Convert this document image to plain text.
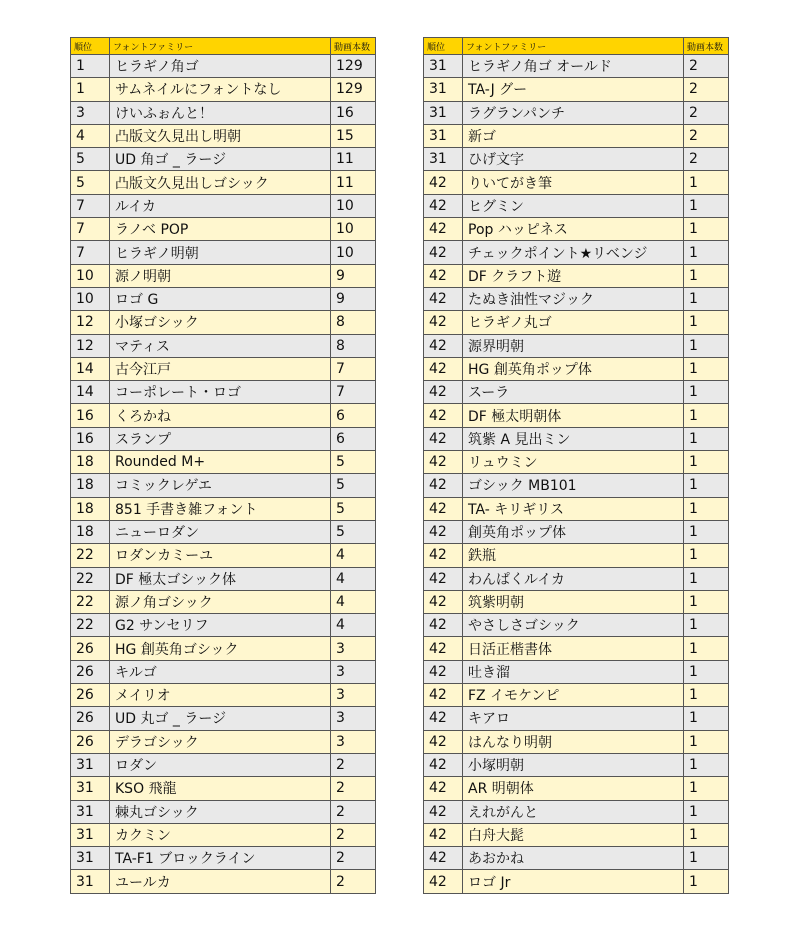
順位	フォントファミリー	動画本数
1	ヒラギノ角ゴ	129
1	サムネイルにフォントなし	129
3	けいふぉんと！	16
4	凸版文久見出し明朝	15
5	UD 角ゴ _ ラージ	11
5	凸版文久見出しゴシック	11
7	ルイカ	10
7	ラノベ POP	10
7	ヒラギノ明朝	10
10	源ノ明朝	9
10	ロゴ G	9
12	小塚ゴシック	8
12	マティス	8
14	古今江戸	7
14	コーポレート・ロゴ	7
16	くろかね	6
16	スランプ	6
18	Rounded M+	5
18	コミックレゲエ	5
18	851 手書き雑フォント	5
18	ニューロダン	5
22	ロダンカミーユ	4
22	DF 極太ゴシック体	4
22	源ノ角ゴシック	4
22	G2 サンセリフ	4
26	HG 創英角ゴシック	3
26	キルゴ	3
26	メイリオ	3
26	UD 丸ゴ _ ラージ	3
26	デラゴシック	3
31	ロダン	2
31	KSO 飛龍	2
31	棘丸ゴシック	2
31	カクミン	2
31	TA-F1 ブロックライン	2
31	ユールカ	2
順位	フォントファミリー	動画本数
31	ヒラギノ角ゴ オールド	2
31	TA-J グー	2
31	ラグランパンチ	2
31	新ゴ	2
31	ひげ文字	2
42	りいてがき筆	1
42	ヒグミン	1
42	Pop ハッピネス	1
42	チェックポイント★リベンジ	1
42	DF クラフト遊	1
42	たぬき油性マジック	1
42	ヒラギノ丸ゴ	1
42	源界明朝	1
42	HG 創英角ポップ体	1
42	スーラ	1
42	DF 極太明朝体	1
42	筑紫 A 見出ミン	1
42	リュウミン	1
42	ゴシック MB101	1
42	TA- キリギリス	1
42	創英角ポップ体	1
42	鉄瓶	1
42	わんぱくルイカ	1
42	筑紫明朝	1
42	やさしさゴシック	1
42	日活正楷書体	1
42	吐き溜	1
42	FZ イモケンピ	1
42	キアロ	1
42	はんなり明朝	1
42	小塚明朝	1
42	AR 明朝体	1
42	えれがんと	1
42	白舟大髭	1
42	あおかね	1
42	ロゴ Jr	1
